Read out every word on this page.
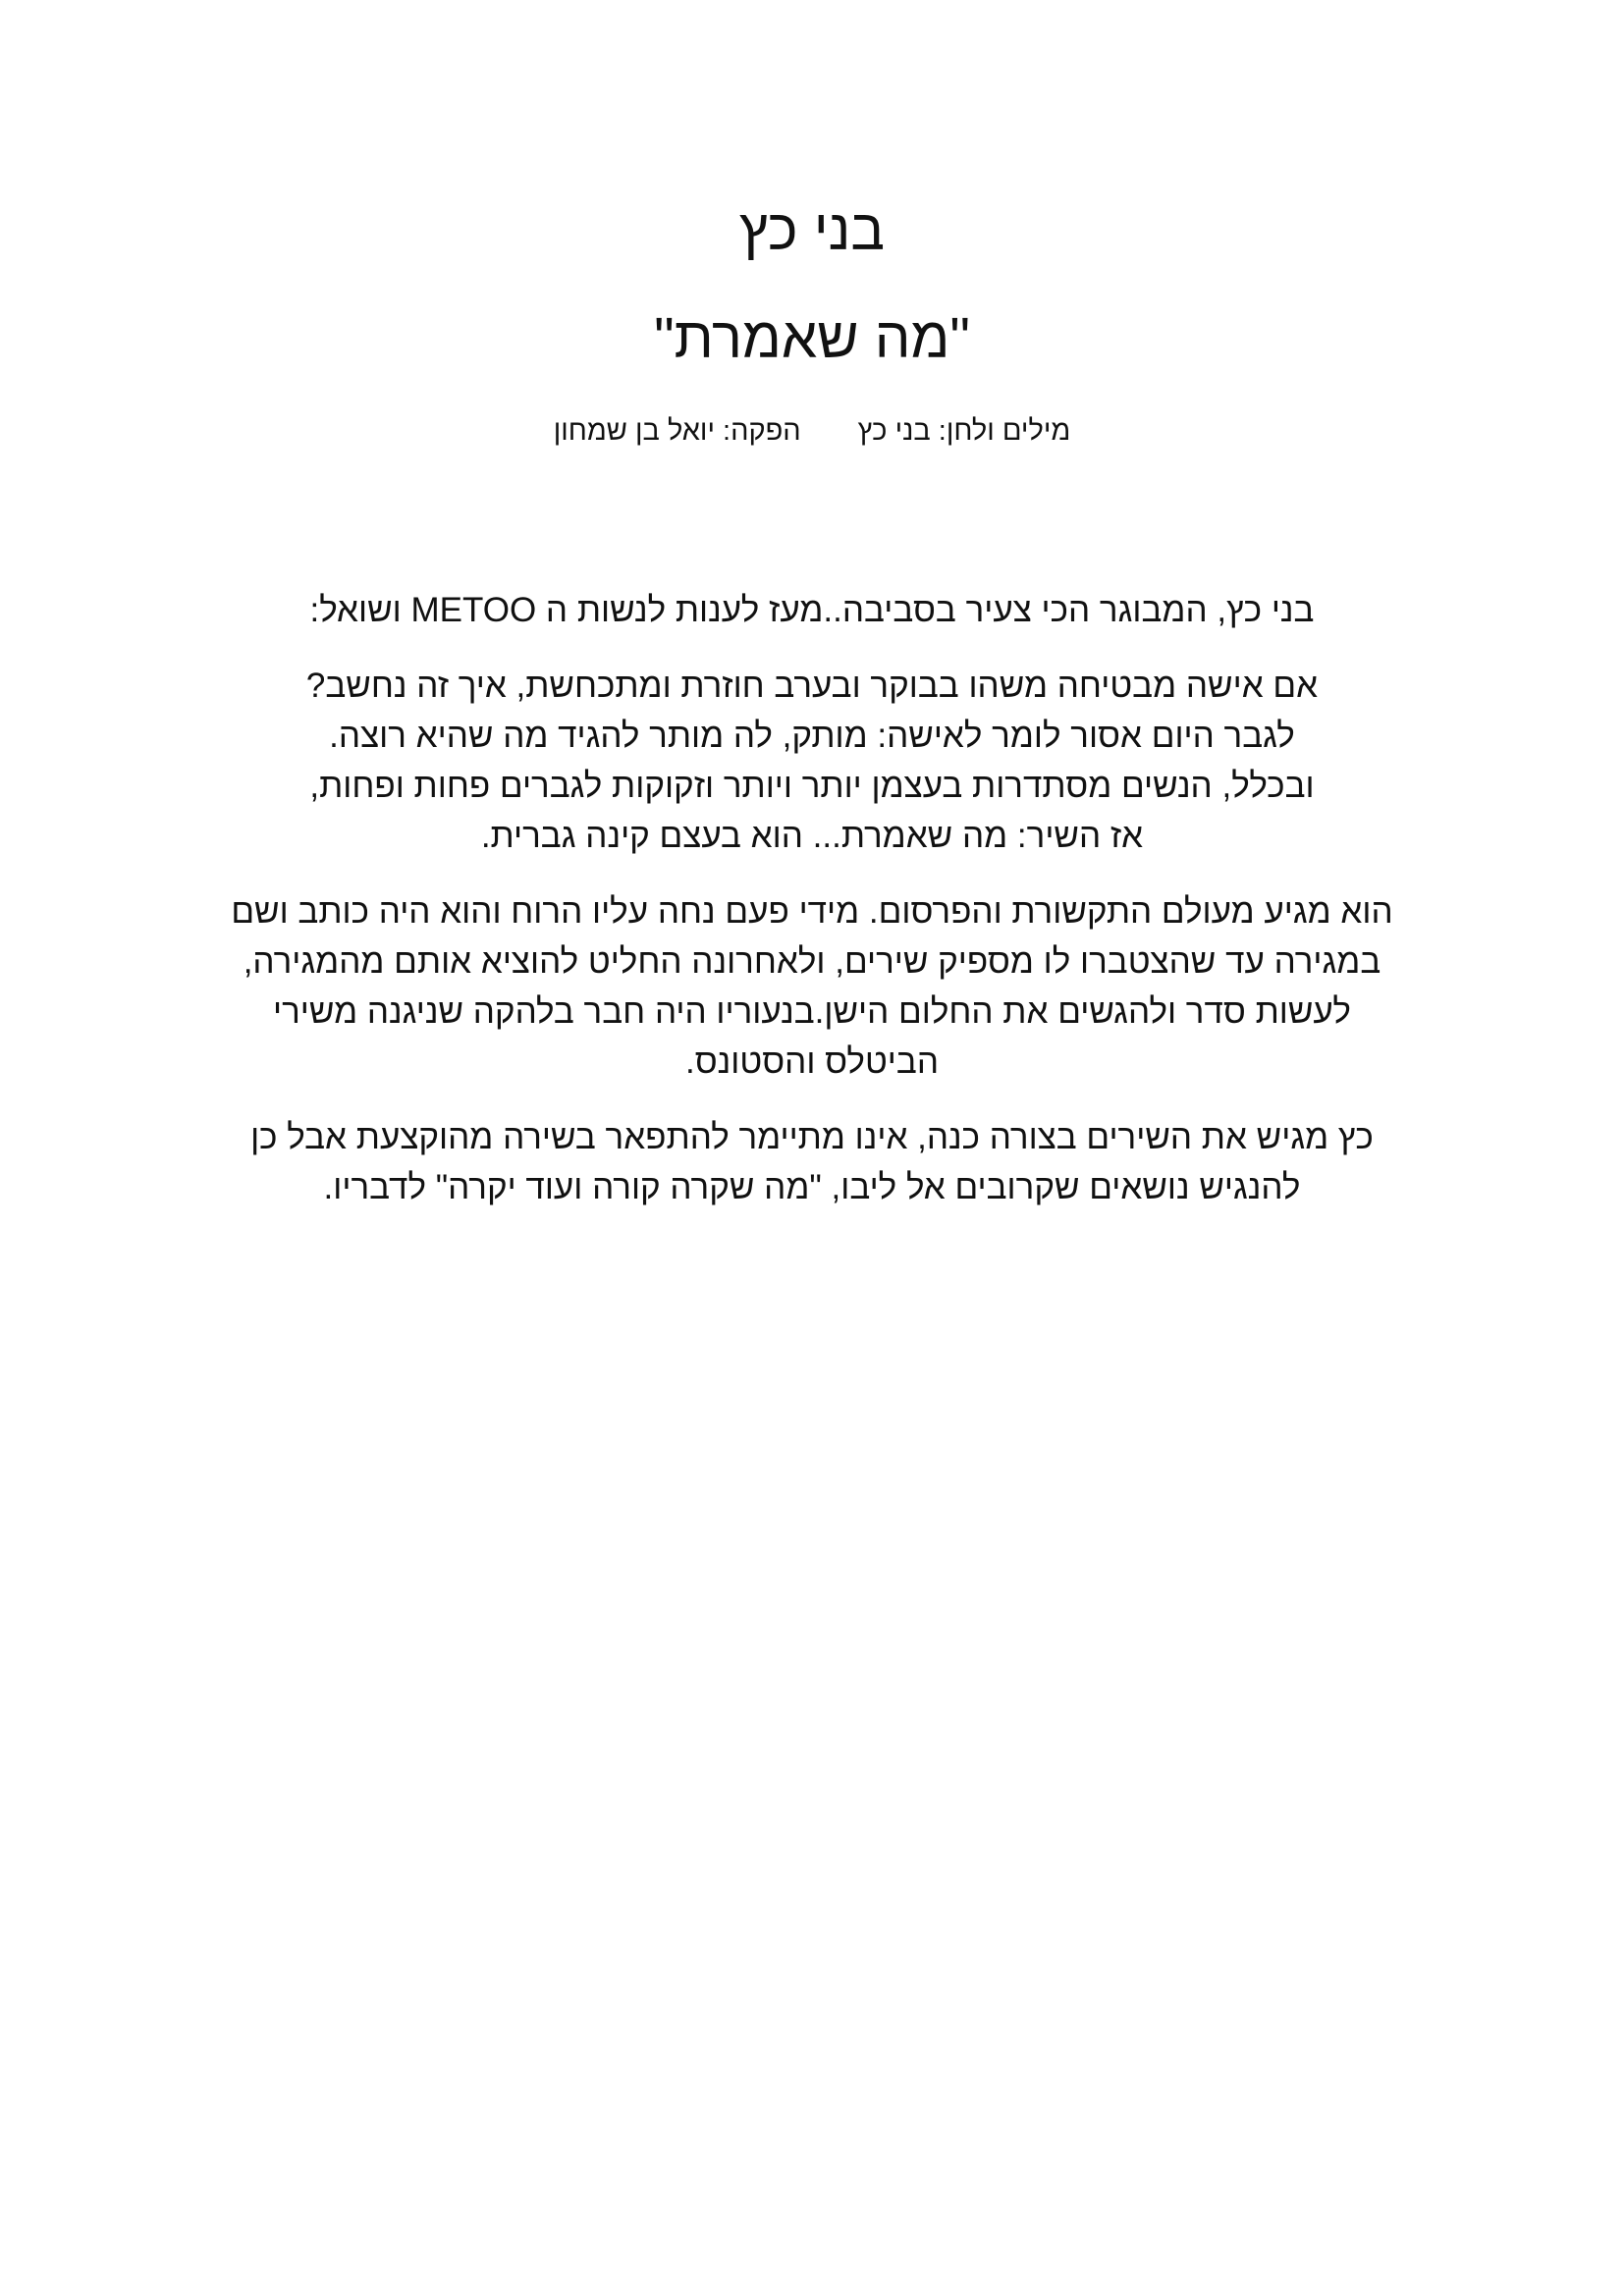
בני כץ
"מה שאמרת"
מילים ולחן: בני כץהפקה: יואל בן שמחון

בני כץ, המבוגר הכי צעיר בסביבה..מעז לענות לנשות ה METOO ושואל:

אם אישה מבטיחה משהו בבוקר ובערב חוזרת ומתכחשת, איך זה נחשב?
לגבר היום אסור לומר לאישה: מותק, לה מותר להגיד מה שהיא רוצה.
ובכלל, הנשים מסתדרות בעצמן יותר ויותר וזקוקות לגברים פחות ופחות,
אז השיר: מה שאמרת... הוא בעצם קינה גברית.

הוא מגיע מעולם התקשורת והפרסום. מידי פעם נחה עליו הרוח והוא היה כותב ושם
במגירה עד שהצטברו לו מספיק שירים, ולאחרונה החליט להוציא אותם מהמגירה,
לעשות סדר ולהגשים את החלום הישן.בנעוריו היה חבר בלהקה שניגנה משירי
הביטלס והסטונס.

כץ מגיש את השירים בצורה כנה, אינו מתיימר להתפאר בשירה מהוקצעת אבל כן
להנגיש נושאים שקרובים אל ליבו, "מה שקרה קורה ועוד יקרה" לדבריו.
